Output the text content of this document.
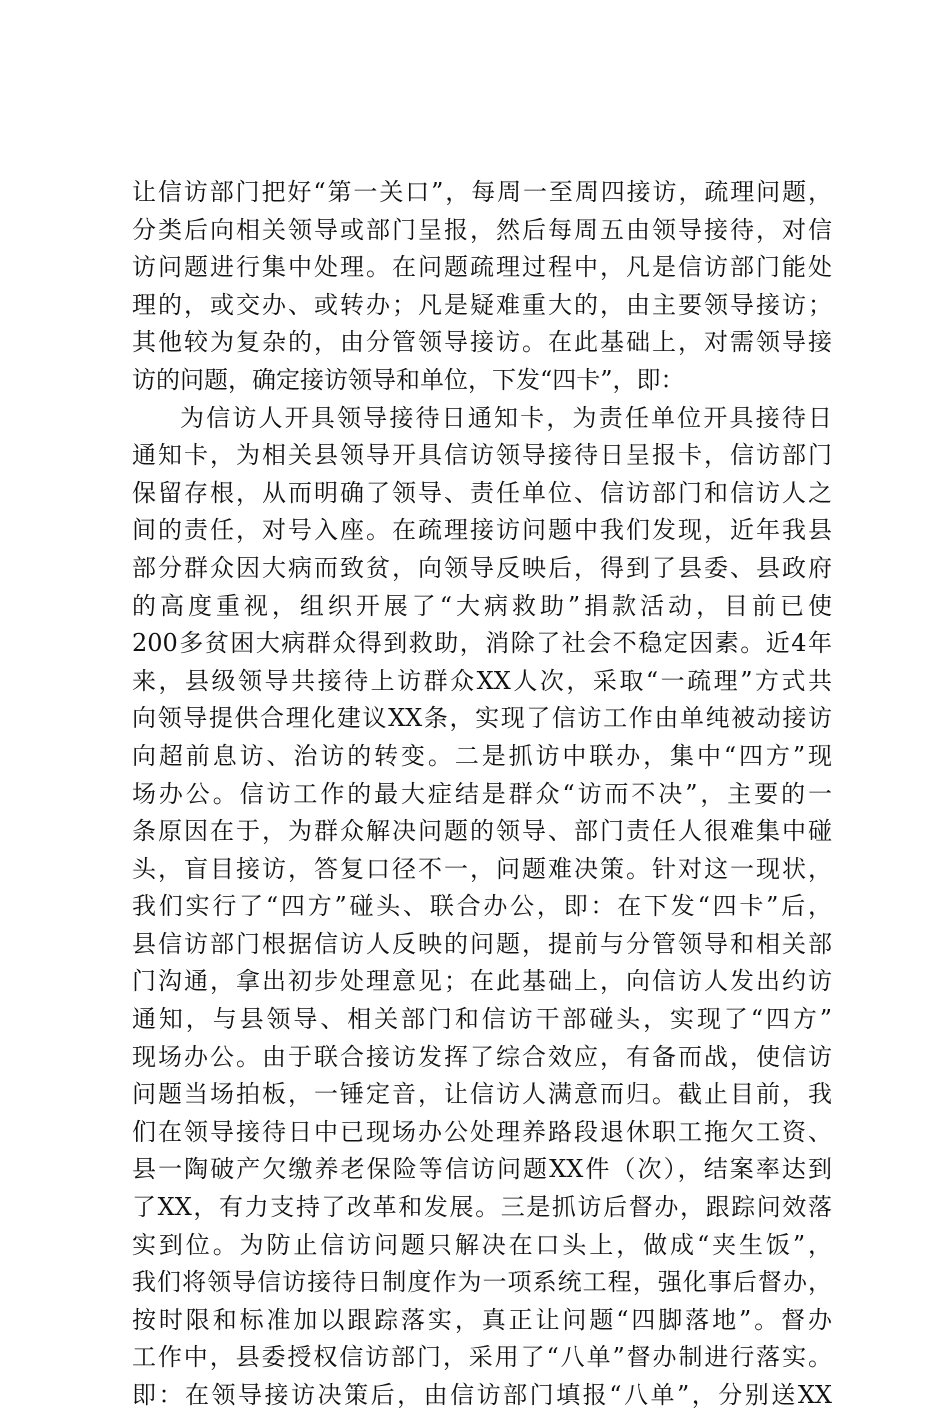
让信访部门把好“第一关口”，每周一至周四接访，疏理问题，
分类后向相关领导或部门呈报，然后每周五由领导接待，对信
访问题进行集中处理。在问题疏理过程中，凡是信访部门能处
理的，或交办、或转办；凡是疑难重大的，由主要领导接访；
其他较为复杂的，由分管领导接访。在此基础上，对需领导接
访的问题，确定接访领导和单位，下发“四卡”，即：
为信访人开具领导接待日通知卡，为责任单位开具接待日
通知卡，为相关县领导开具信访领导接待日呈报卡，信访部门
保留存根，从而明确了领导、责任单位、信访部门和信访人之
间的责任，对号入座。在疏理接访问题中我们发现，近年我县
部分群众因大病而致贫，向领导反映后，得到了县委、县政府
的高度重视，组织开展了“大病救助”捐款活动，目前已使
200多贫困大病群众得到救助，消除了社会不稳定因素。近4年
来，县级领导共接待上访群众XX人次，采取“一疏理”方式共
向领导提供合理化建议XX条，实现了信访工作由单纯被动接访
向超前息访、治访的转变。二是抓访中联办，集中“四方”现
场办公。信访工作的最大症结是群众“访而不决”，主要的一
条原因在于，为群众解决问题的领导、部门责任人很难集中碰
头，盲目接访，答复口径不一，问题难决策。针对这一现状，
我们实行了“四方”碰头、联合办公，即：在下发“四卡”后，
县信访部门根据信访人反映的问题，提前与分管领导和相关部
门沟通，拿出初步处理意见；在此基础上，向信访人发出约访
通知，与县领导、相关部门和信访干部碰头，实现了“四方”
现场办公。由于联合接访发挥了综合效应，有备而战，使信访
问题当场拍板，一锤定音，让信访人满意而归。截止目前，我
们在领导接待日中已现场办公处理养路段退休职工拖欠工资、
县一陶破产欠缴养老保险等信访问题XX件（次），结案率达到
了XX，有力支持了改革和发展。三是抓访后督办，跟踪问效落
实到位。为防止信访问题只解决在口头上，做成“夹生饭”，
我们将领导信访接待日制度作为一项系统工程，强化事后督办，
按时限和标准加以跟踪落实，真正让问题“四脚落地”。督办
工作中，县委授权信访部门，采用了“八单”督办制进行落实。
即：在领导接访决策后，由信访部门填报“八单”，分别送XX
